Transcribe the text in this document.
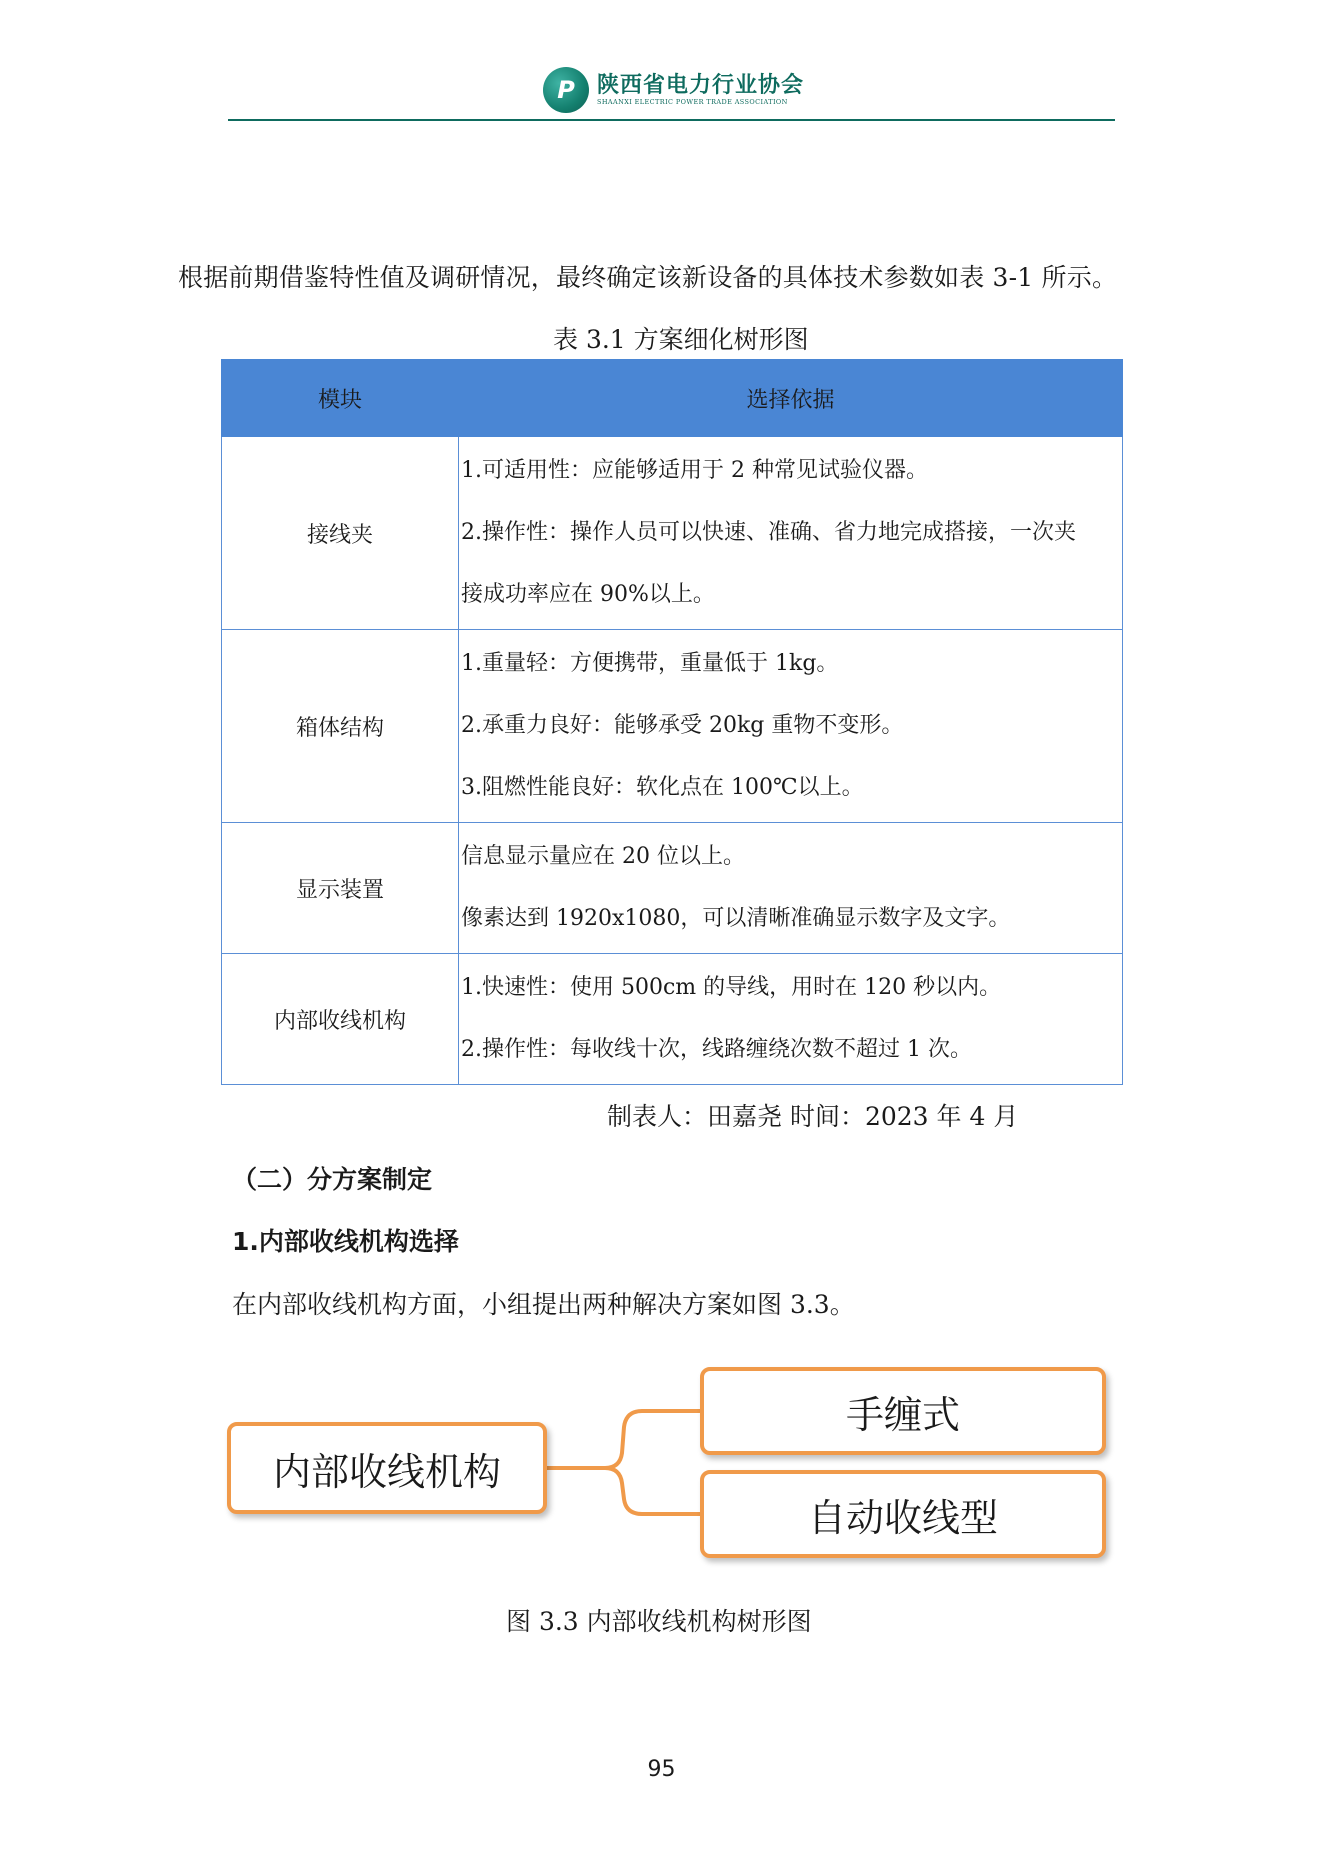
P	陕西省电力行业协会
SHAANXI ELECTRIC POWER TRADE ASSOCIATION
根据前期借鉴特性值及调研情况，最终确定该新设备的具体技术参数如表 3-1 所示。
表 3.1 方案细化树形图
模块	选择依据
接线夹	1.可适用性：应能够适用于 2 种常见试验仪器。
2.操作性：操作人员可以快速、准确、省力地完成搭接，一次夹
接成功率应在 90%以上。

箱体结构	1.重量轻：方便携带，重量低于 1kg。
2.承重力良好：能够承受 20kg 重物不变形。
3.阻燃性能良好：软化点在 100℃以上。

显示装置	信息显示量应在 20 位以上。
像素达到 1920x1080，可以清晰准确显示数字及文字。

内部收线机构	1.快速性：使用 500cm 的导线，用时在 120 秒以内。
2.操作性：每收线十次，线路缠绕次数不超过 1 次。
制表人：田嘉尧 时间：2023 年 4 月
（二）分方案制定
1.内部收线机构选择
在内部收线机构方面，小组提出两种解决方案如图 3.3。
内部收线机构
手缠式
自动收线型
图 3.3 内部收线机构树形图
95
